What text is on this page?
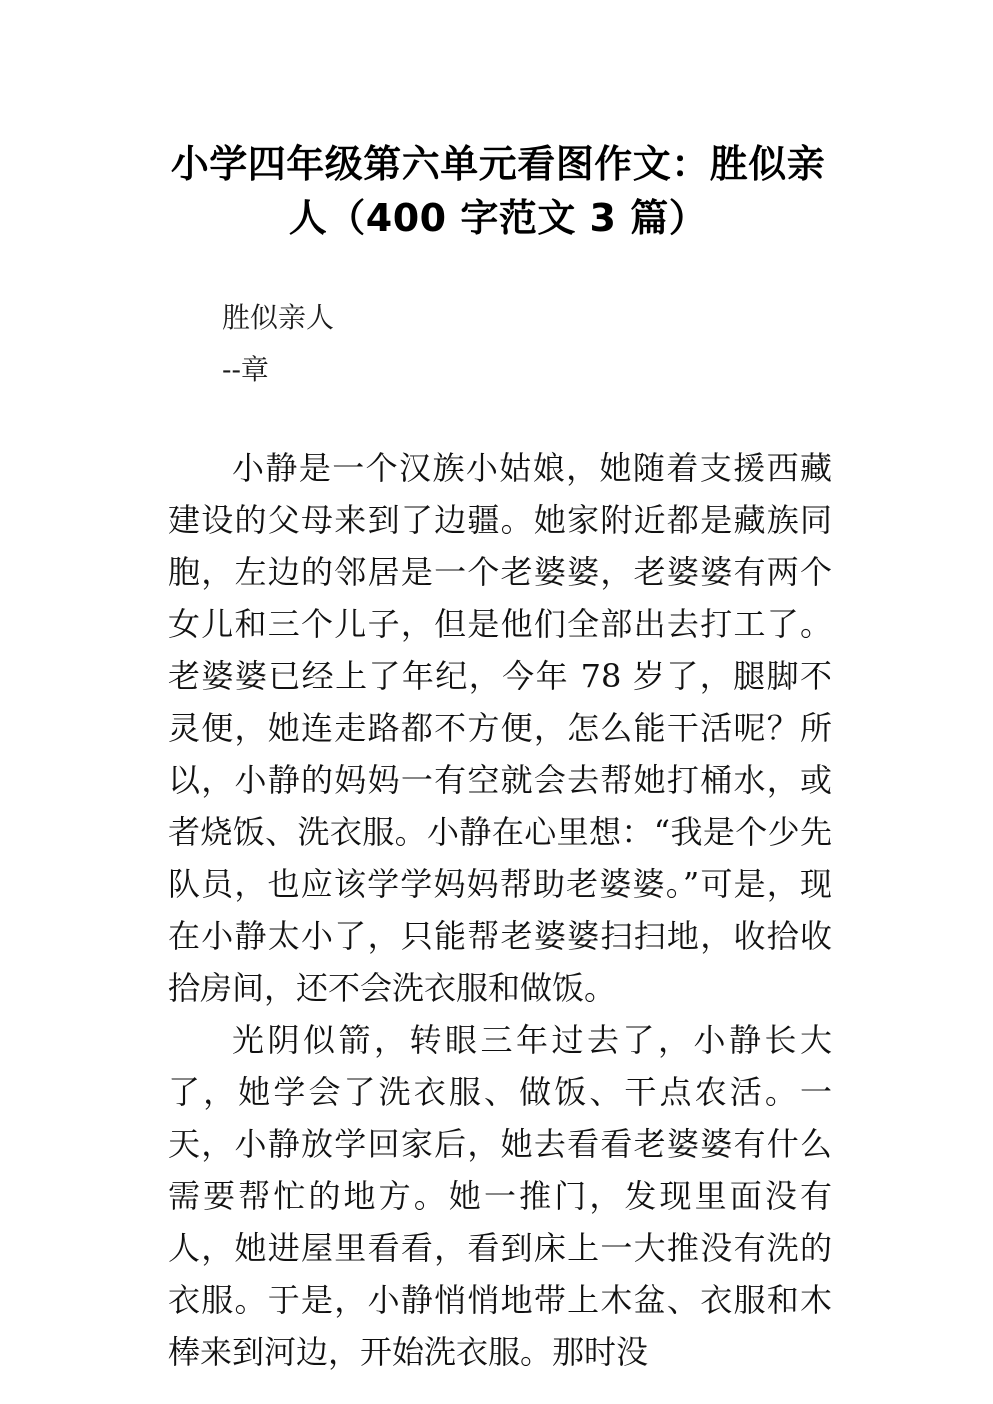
小学四年级第六单元看图作文：胜似亲人（400 字范文 3 篇）
胜似亲人
--章

小静是一个汉族小姑娘，她随着支援西藏建设的父母来到了边疆。她家附近都是藏族同胞，左边的邻居是一个老婆婆，老婆婆有两个女儿和三个儿子，但是他们全部出去打工了。老婆婆已经上了年纪，今年 78 岁了，腿脚不灵便，她连走路都不方便，怎么能干活呢？所以，小静的妈妈一有空就会去帮她打桶水，或者烧饭、洗衣服。小静在心里想：“我是个少先队员，也应该学学妈妈帮助老婆婆。”可是，现在小静太小了，只能帮老婆婆扫扫地，收拾收拾房间，还不会洗衣服和做饭。

光阴似箭，转眼三年过去了，小静长大了，她学会了洗衣服、做饭、干点农活。一天，小静放学回家后，她去看看老婆婆有什么需要帮忙的地方。她一推门，发现里面没有人，她进屋里看看，看到床上一大推没有洗的衣服。于是，小静悄悄地带上木盆、衣服和木棒来到河边，开始洗衣服。那时没
